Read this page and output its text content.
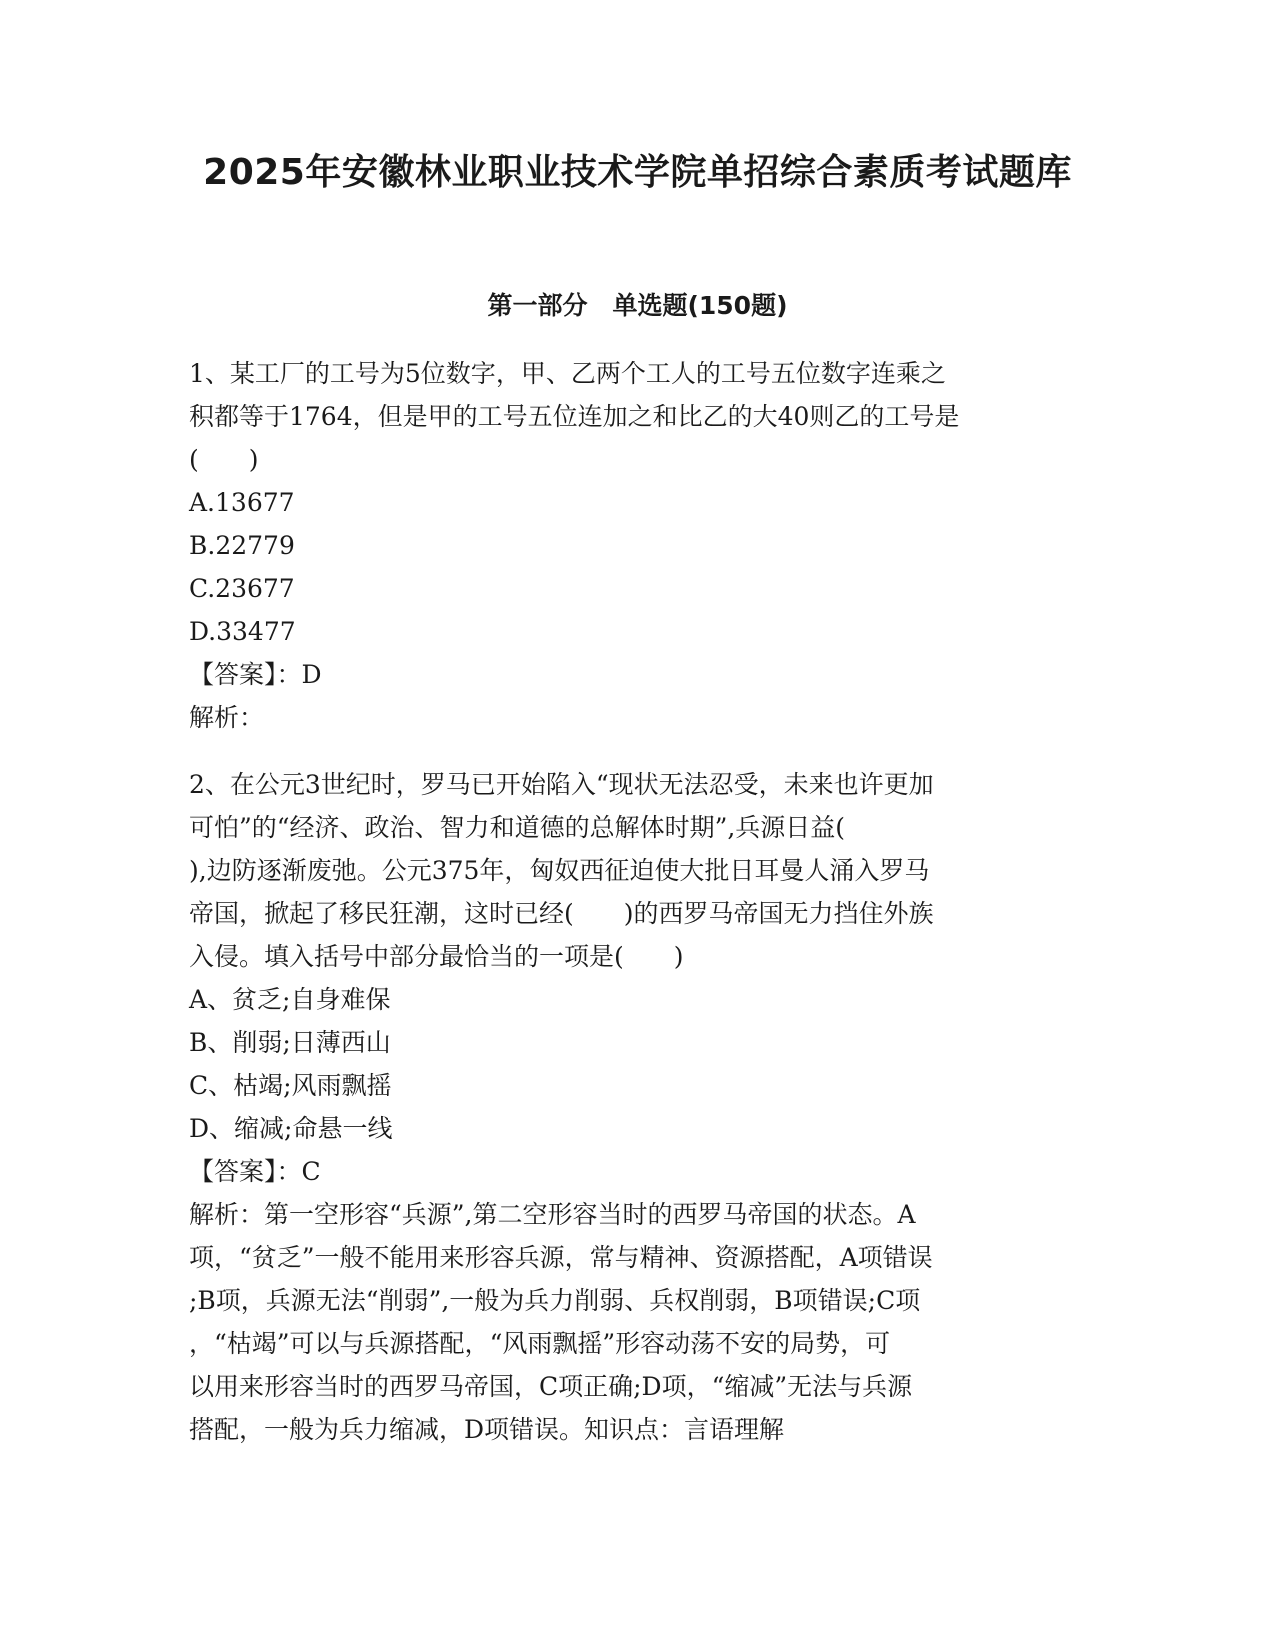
2025年安徽林业职业技术学院单招综合素质考试题库
第一部分　单选题(150题)
1、某工厂的工号为5位数字，甲、乙两个工人的工号五位数字连乘之
积都等于1764，但是甲的工号五位连加之和比乙的大40则乙的工号是
(　　)
A.13677
B.22779
C.23677
D.33477
【答案】：D
解析：
2、在公元3世纪时，罗马已开始陷入“现状无法忍受，未来也许更加
可怕”的“经济、政治、智力和道德的总解体时期”,兵源日益(
),边防逐渐废弛。公元375年，匈奴西征迫使大批日耳曼人涌入罗马
帝国，掀起了移民狂潮，这时已经(　　)的西罗马帝国无力挡住外族
入侵。填入括号中部分最恰当的一项是(　　)
A、贫乏;自身难保
B、削弱;日薄西山
C、枯竭;风雨飘摇
D、缩减;命悬一线
【答案】：C
解析：第一空形容“兵源”,第二空形容当时的西罗马帝国的状态。A
项，“贫乏”一般不能用来形容兵源，常与精神、资源搭配，A项错误
;B项，兵源无法“削弱”,一般为兵力削弱、兵权削弱，B项错误;C项
，“枯竭”可以与兵源搭配，“风雨飘摇”形容动荡不安的局势，可
以用来形容当时的西罗马帝国，C项正确;D项，“缩减”无法与兵源
搭配，一般为兵力缩减，D项错误。知识点：言语理解
